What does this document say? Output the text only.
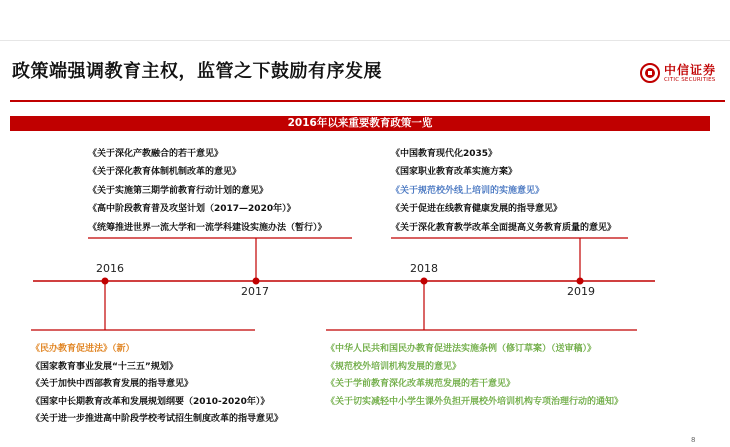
政策端强调教育主权，监管之下鼓励有序发展	中信证券
CITIC SECURITIES
2016年以来重要教育政策一览
《关于深化产教融合的若干意见》
《关于深化教育体制机制改革的意见》
《关于实施第三期学前教育行动计划的意见》
《高中阶段教育普及攻坚计划（2017—2020年）》
《统筹推进世界一流大学和一流学科建设实施办法（暂行）》
《中国教育现代化2035》
《国家职业教育改革实施方案》
《关于规范校外线上培训的实施意见》
《关于促进在线教育健康发展的指导意见》
《关于深化教育教学改革全面提高义务教育质量的意见》
《民办教育促进法》（新）
《国家教育事业发展“十三五”规划》
《关于加快中西部教育发展的指导意见》
《国家中长期教育改革和发展规划纲要（2010-2020年）》
《关于进一步推进高中阶段学校考试招生制度改革的指导意见》
《中华人民共和国民办教育促进法实施条例（修订草案）（送审稿）》
《规范校外培训机构发展的意见》
《关于学前教育深化改革规范发展的若干意见》
《关于切实减轻中小学生课外负担开展校外培训机构专项治理行动的通知》
2016
2017
2018
2019
8
